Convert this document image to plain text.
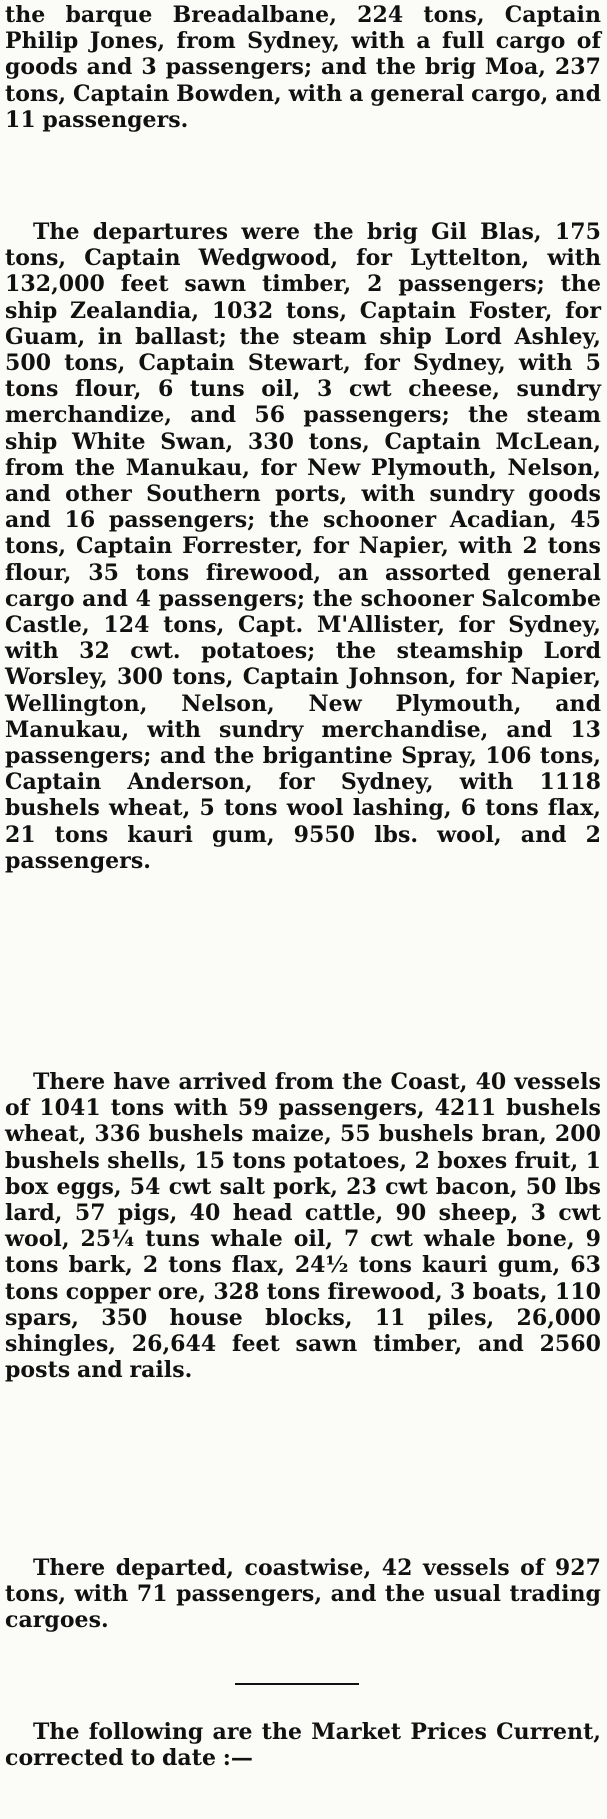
the barque Breadalbane, 224 tons, Captain Philip Jones, from Sydney, with a full cargo of goods and 3 passengers; and the brig Moa, 237 tons, Captain Bowden, with a general cargo, and 11 passengers.

The departures were the brig Gil Blas, 175 tons, Captain Wedgwood, for Lyttelton, with 132,000 feet sawn timber, 2 passengers; the ship Zealandia, 1032 tons, Captain Foster, for Guam, in ballast; the steam ship Lord Ashley, 500 tons, Captain Stewart, for Sydney, with 5 tons flour, 6 tuns oil, 3 cwt cheese, sundry merchandize, and 56 passengers; the steam ship White Swan, 330 tons, Captain McLean, from the Manukau, for New Plymouth, Nelson, and other Southern ports, with sundry goods and 16 passengers; the schooner Acadian, 45 tons, Captain Forrester, for Napier, with 2 tons flour, 35 tons firewood, an assorted general cargo and 4 passengers; the schooner Salcombe Castle, 124 tons, Capt. M'Allister, for Sydney, with 32 cwt. potatoes; the steamship Lord Worsley, 300 tons, Captain Johnson, for Napier, Wellington, Nelson, New Plymouth, and Manukau, with sundry merchandise, and 13 passengers; and the brigantine Spray, 106 tons, Captain Anderson, for Sydney, with 1118 bushels wheat, 5 tons wool lashing, 6 tons flax, 21 tons kauri gum, 9550 lbs. wool, and 2 passengers.

There have arrived from the Coast, 40 vessels of 1041 tons with 59 passengers, 4211 bushels wheat, 336 bushels maize, 55 bushels bran, 200 bushels shells, 15 tons potatoes, 2 boxes fruit, 1 box eggs, 54 cwt salt pork, 23 cwt bacon, 50 lbs lard, 57 pigs, 40 head cattle, 90 sheep, 3 cwt wool, 25¼ tuns whale oil, 7 cwt whale bone, 9 tons bark, 2 tons flax, 24½ tons kauri gum, 63 tons copper ore, 328 tons firewood, 3 boats, 110 spars, 350 house blocks, 11 piles, 26,000 shingles, 26,644 feet sawn timber, and 2560 posts and rails.

There departed, coastwise, 42 vessels of 927 tons, with 71 passengers, and the usual trading cargoes.

The following are the Market Prices Current, corrected to date :—
